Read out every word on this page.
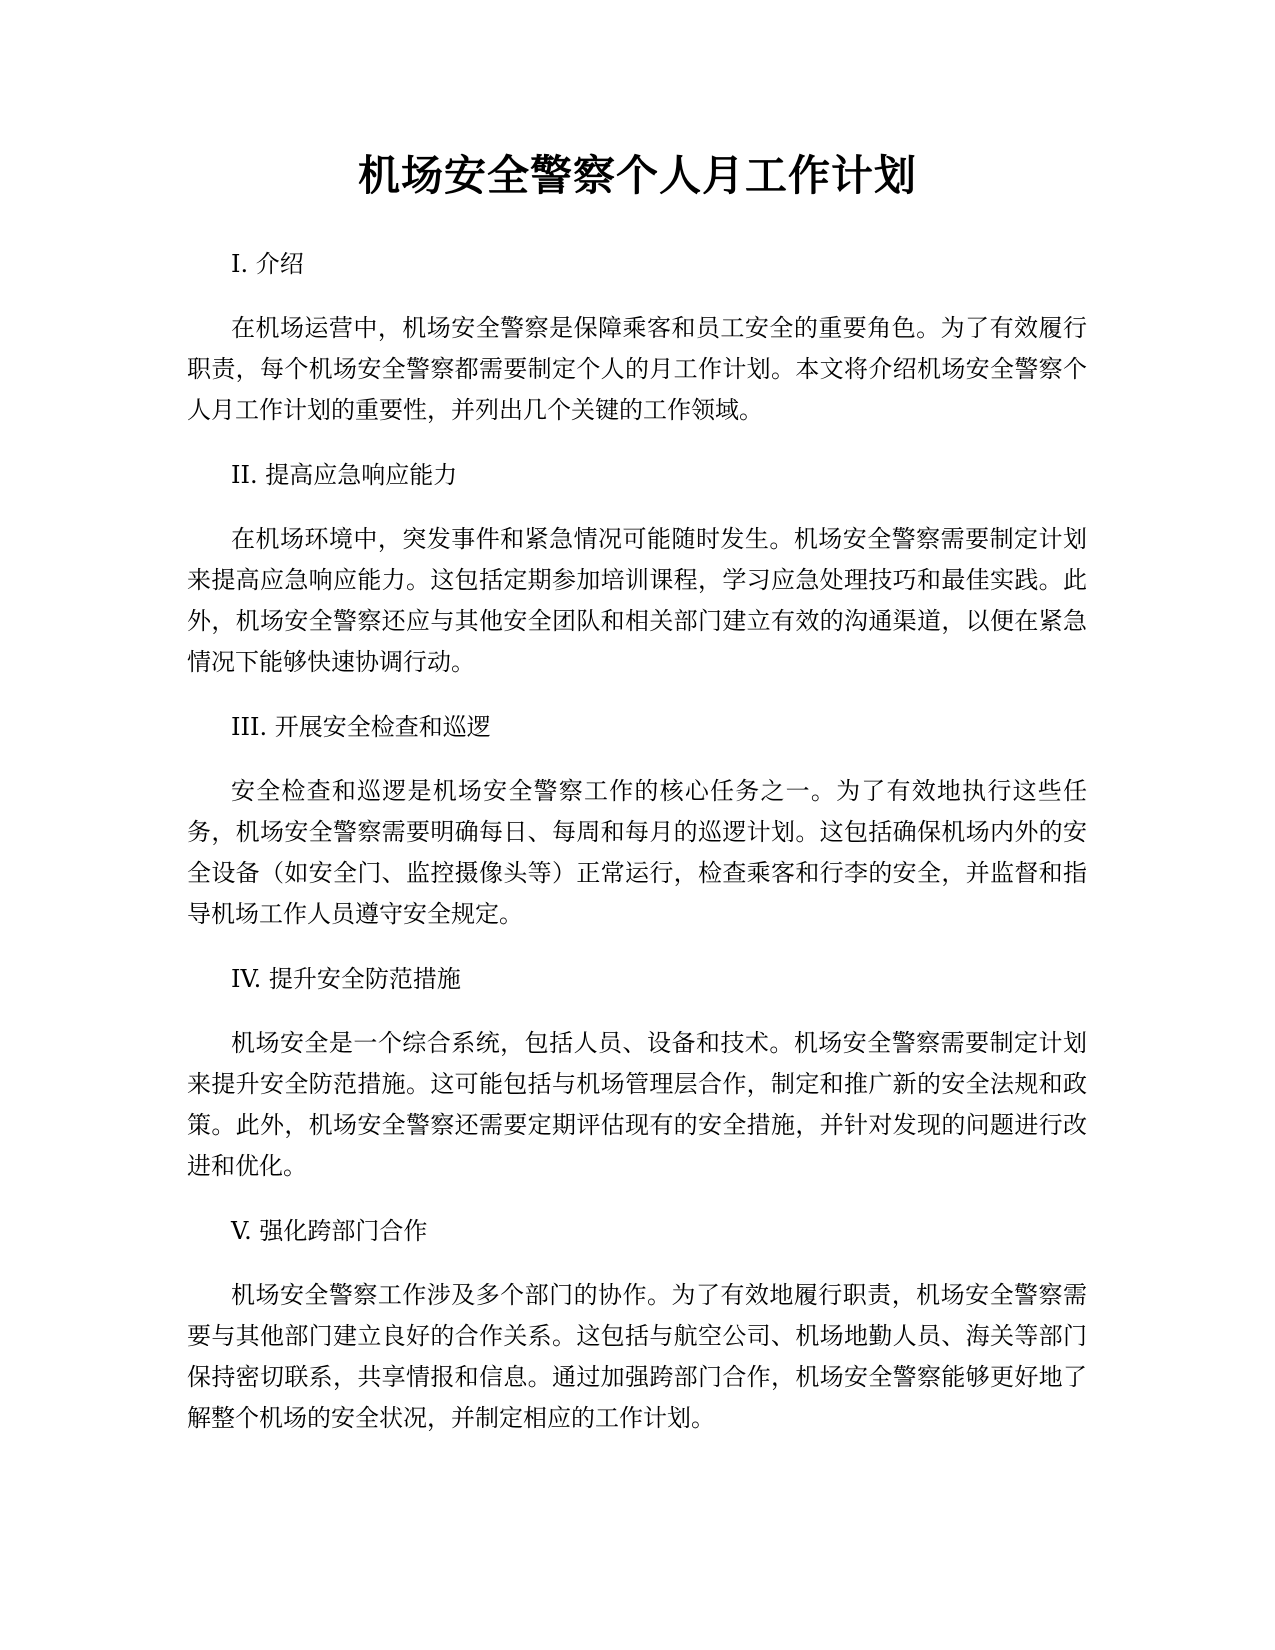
机场安全警察个人月工作计划

I. 介绍

在机场运营中，机场安全警察是保障乘客和员工安全的重要角色。为了有效履行职责，每个机场安全警察都需要制定个人的月工作计划。本文将介绍机场安全警察个人月工作计划的重要性，并列出几个关键的工作领域。

II. 提高应急响应能力

在机场环境中，突发事件和紧急情况可能随时发生。机场安全警察需要制定计划来提高应急响应能力。这包括定期参加培训课程，学习应急处理技巧和最佳实践。此外，机场安全警察还应与其他安全团队和相关部门建立有效的沟通渠道，以便在紧急情况下能够快速协调行动。

III. 开展安全检查和巡逻

安全检查和巡逻是机场安全警察工作的核心任务之一。为了有效地执行这些任务，机场安全警察需要明确每日、每周和每月的巡逻计划。这包括确保机场内外的安全设备（如安全门、监控摄像头等）正常运行，检查乘客和行李的安全，并监督和指导机场工作人员遵守安全规定。

IV. 提升安全防范措施

机场安全是一个综合系统，包括人员、设备和技术。机场安全警察需要制定计划来提升安全防范措施。这可能包括与机场管理层合作，制定和推广新的安全法规和政策。此外，机场安全警察还需要定期评估现有的安全措施，并针对发现的问题进行改进和优化。

V. 强化跨部门合作

机场安全警察工作涉及多个部门的协作。为了有效地履行职责，机场安全警察需要与其他部门建立良好的合作关系。这包括与航空公司、机场地勤人员、海关等部门保持密切联系，共享情报和信息。通过加强跨部门合作，机场安全警察能够更好地了解整个机场的安全状况，并制定相应的工作计划。
